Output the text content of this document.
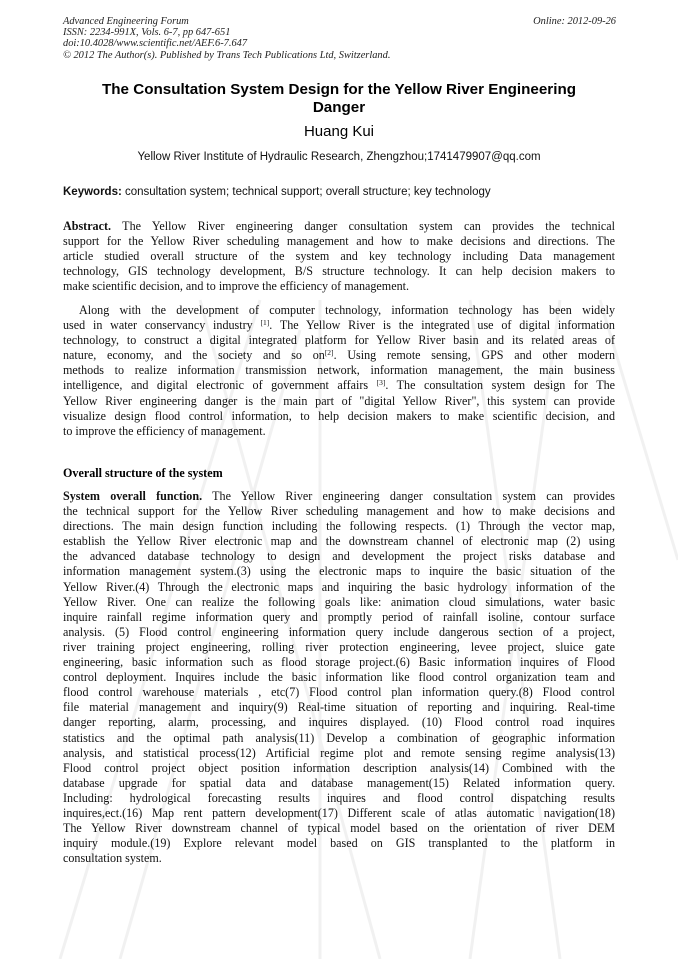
Advanced Engineering Forum
ISSN: 2234-991X, Vols. 6-7, pp 647-651
doi:10.4028/www.scientific.net/AEF.6-7.647
© 2012 The Author(s). Published by Trans Tech Publications Ltd, Switzerland.
Online: 2012-09-26
The Consultation System Design for the Yellow River Engineering
Danger
Huang Kui
Yellow River Institute of Hydraulic Research, Zhengzhou;1741479907@qq.com
Keywords: consultation system; technical support; overall structure; key technology
Abstract. The Yellow River engineering danger consultation system can provides the technical
support for the Yellow River scheduling management and how to make decisions and directions. The
article studied overall structure of the system and key technology including Data management
technology, GIS technology development, B/S structure technology. It can help decision makers to
make scientific decision, and to improve the efficiency of management.
Along with the development of computer technology, information technology has been widely
used in water conservancy industry [1]. The Yellow River is the integrated use of digital information
technology, to construct a digital integrated platform for Yellow River basin and its related areas of
nature, economy, and the society and so on[2]. Using remote sensing, GPS and other modern
methods to realize information transmission network, information management, the main business
intelligence, and digital electronic of government affairs [3]. The consultation system design for The
Yellow River engineering danger is the main part of "digital Yellow River", this system can provide
visualize design flood control information, to help decision makers to make scientific decision, and
to improve the efficiency of management.
Overall structure of the system
System overall function. The Yellow River engineering danger consultation system can provides
the technical support for the Yellow River scheduling management and how to make decisions and
directions. The main design function including the following respects. (1) Through the vector map,
establish the Yellow River electronic map and the downstream channel of electronic map (2) using
the advanced database technology to design and development the project risks database and
information management system.(3) using the electronic maps to inquire the basic situation of the
Yellow River.(4) Through the electronic maps and inquiring the basic hydrology information of the
Yellow River. One can realize the following goals like: animation cloud simulations, water basic
inquire rainfall regime information query and promptly period of rainfall isoline, contour surface
analysis. (5) Flood control engineering information query include dangerous section of a project,
river training project engineering, rolling river protection engineering, levee project, sluice gate
engineering, basic information such as flood storage project.(6) Basic information inquires of Flood
control deployment. Inquires include the basic information like flood control organization team and
flood control warehouse materials , etc(7) Flood control plan information query.(8) Flood control
file material management and inquiry(9) Real-time situation of reporting and inquiring. Real-time
danger reporting, alarm, processing, and inquires displayed. (10) Flood control road inquires
statistics and the optimal path analysis(11) Develop a combination of geographic information
analysis, and statistical process(12) Artificial regime plot and remote sensing regime analysis(13)
Flood control project object position information description analysis(14) Combined with the
database upgrade for spatial data and database management(15) Related information query.
Including: hydrological forecasting results inquires and flood control dispatching results
inquires,ect.(16) Map rent pattern development(17) Different scale of atlas automatic navigation(18)
The Yellow River downstream channel of typical model based on the orientation of river DEM
inquiry module.(19) Explore relevant model based on GIS transplanted to the platform in
consultation system.
